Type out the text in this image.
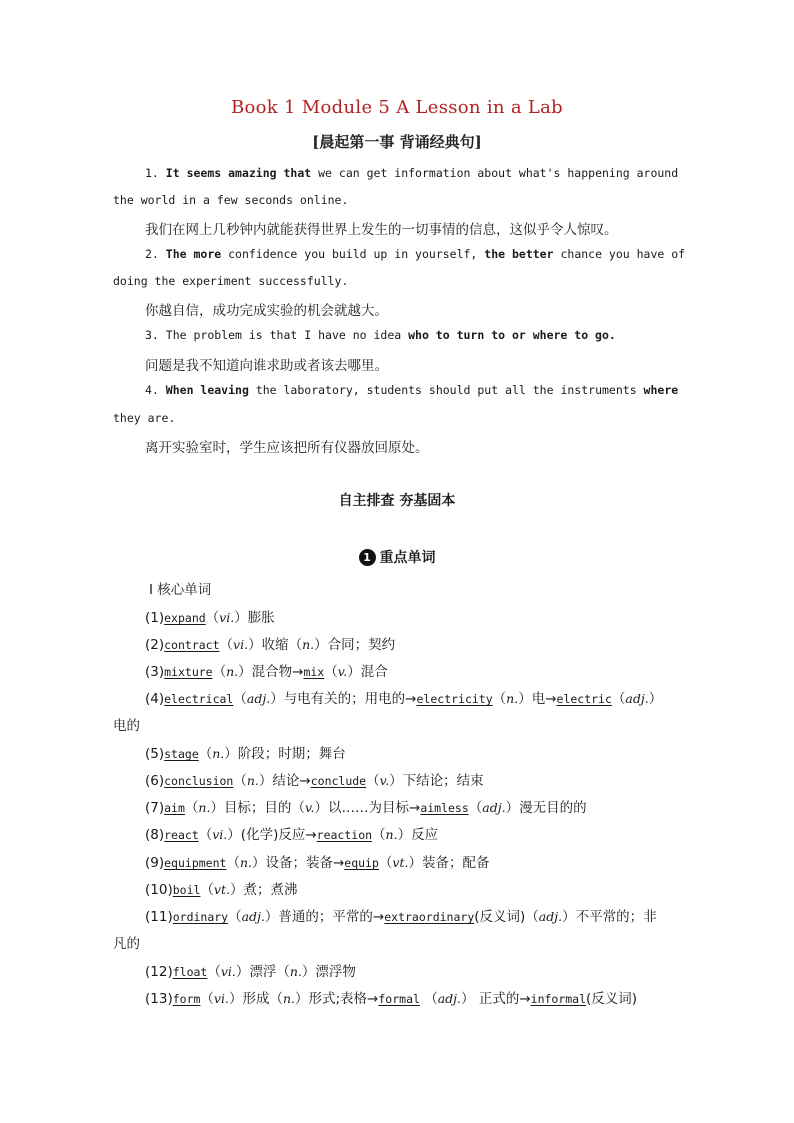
Book 1 Module 5 A Lesson in a Lab
[晨起第一事 背诵经典句]
1. It seems amazing that we can get information about what's happening around
the world in a few seconds online.
我们在网上几秒钟内就能获得世界上发生的一切事情的信息，这似乎令人惊叹。
2. The more confidence you build up in yourself, the better chance you have of
doing the experiment successfully.
你越自信，成功完成实验的机会就越大。
3. The problem is that I have no idea who to turn to or where to go.
问题是我不知道向谁求助或者该去哪里。
4. When leaving the laboratory, students should put all the instruments where
they are.
离开实验室时，学生应该把所有仪器放回原处。
自主排查 夯基固本
1 重点单词
Ⅰ 核心单词
(1)expand（vi.）膨胀
(2)contract（vi.）收缩（n.）合同；契约
(3)mixture（n.）混合物→mix（v.）混合
(4)electrical（adj.）与电有关的；用电的→electricity（n.）电→electric（adj.）
电的
(5)stage（n.）阶段；时期；舞台
(6)conclusion（n.）结论→conclude（v.）下结论；结束
(7)aim（n.）目标；目的（v.）以……为目标→aimless（adj.）漫无目的的
(8)react（vi.）(化学)反应→reaction（n.）反应
(9)equipment（n.）设备；装备→equip（vt.）装备；配备
(10)boil（vt.）煮；煮沸
(11)ordinary（adj.）普通的；平常的→extraordinary(反义词)（adj.）不平常的；非
凡的
(12)float（vi.）漂浮（n.）漂浮物
(13)form（vi.）形成（n.）形式;表格→formal （adj.） 正式的→informal(反义词)
